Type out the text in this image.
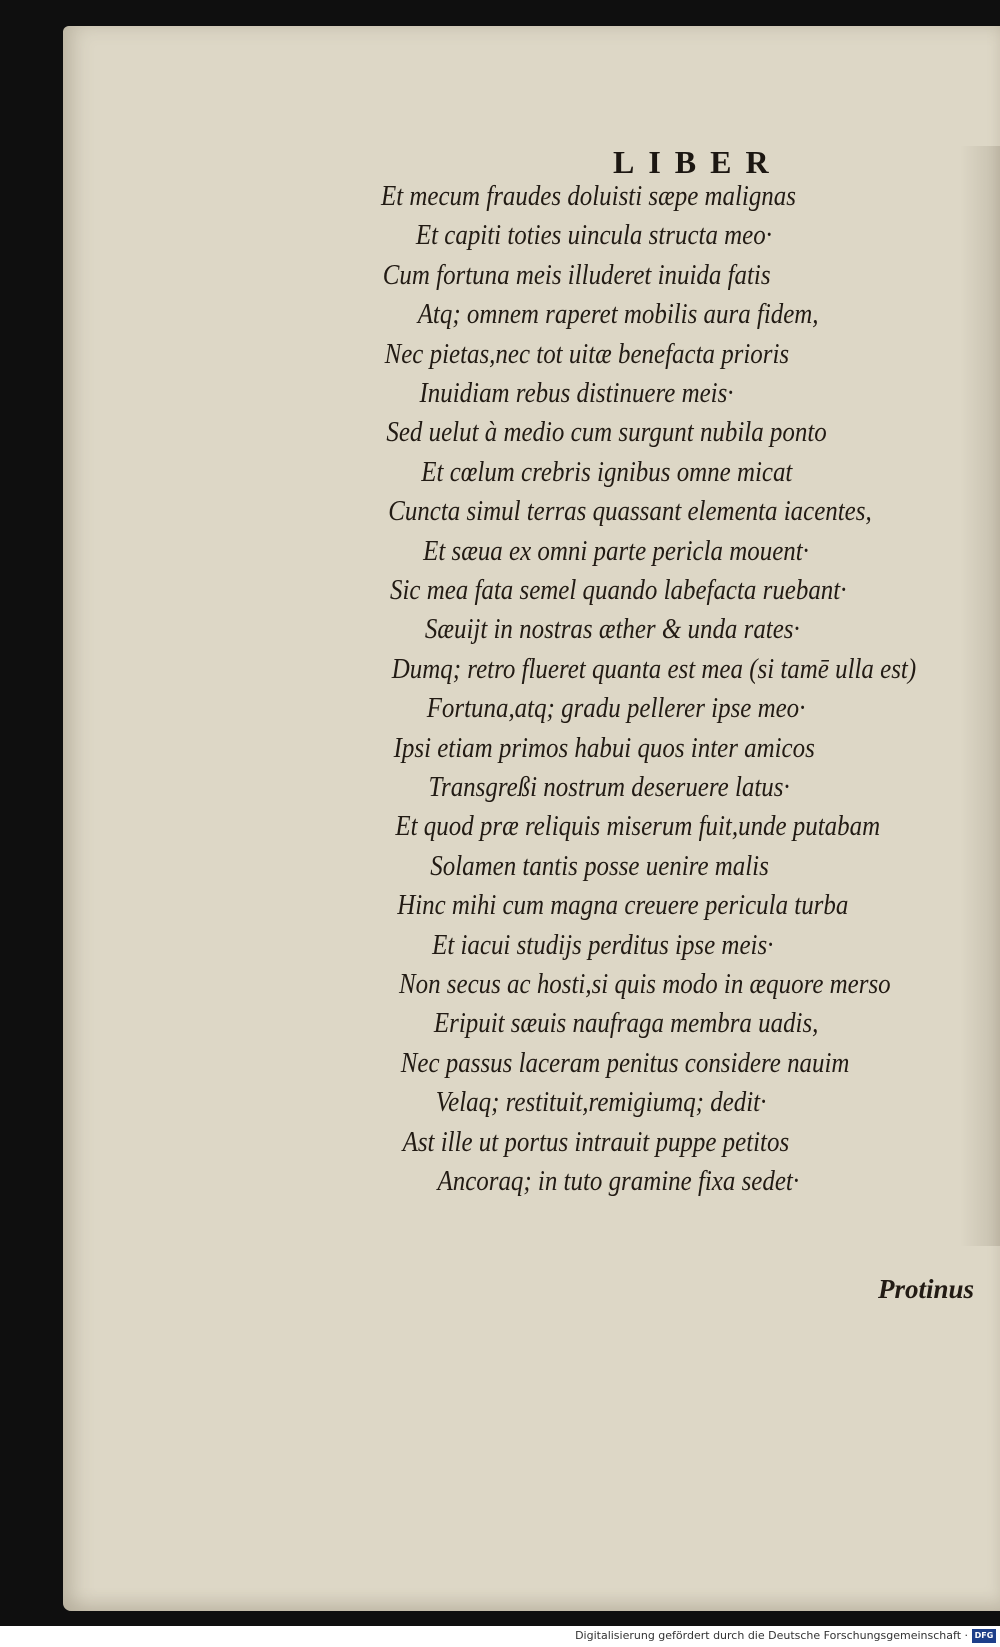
LIBER
Et mecum fraudes doluisti sæpe malignas
Et capiti toties uincula structa meo·
Cum fortuna meis illuderet inuida fatis
Atq; omnem raperet mobilis aura fidem,
Nec pietas,nec tot uitæ benefacta prioris
Inuidiam rebus distinuere meis·
Sed uelut à medio cum surgunt nubila ponto
Et cœlum crebris ignibus omne micat
Cuncta simul terras quassant elementa iacentes,
Et sæua ex omni parte pericla mouent·
Sic mea fata semel quando labefacta ruebant·
Sæuijt in nostras æther & unda rates·
Dumq; retro flueret quanta est mea (si tamē ulla est)
Fortuna,atq; gradu pellerer ipse meo·
Ipsi etiam primos habui quos inter amicos
Transgreßi nostrum deseruere latus·
Et quod præ reliquis miserum fuit,unde putabam
Solamen tantis posse uenire malis
Hinc mihi cum magna creuere pericula turba
Et iacui studijs perditus ipse meis·
Non secus ac hosti,si quis modo in æquore merso
Eripuit sæuis naufraga membra uadis,
Nec passus laceram penitus considere nauim
Velaq; restituit,remigiumq; dedit·
Ast ille ut portus intrauit puppe petitos
Ancoraq; in tuto gramine fixa sedet·
Protinus
Digitalisierung gefördert durch die Deutsche Forschungsgemeinschaft · DFG
